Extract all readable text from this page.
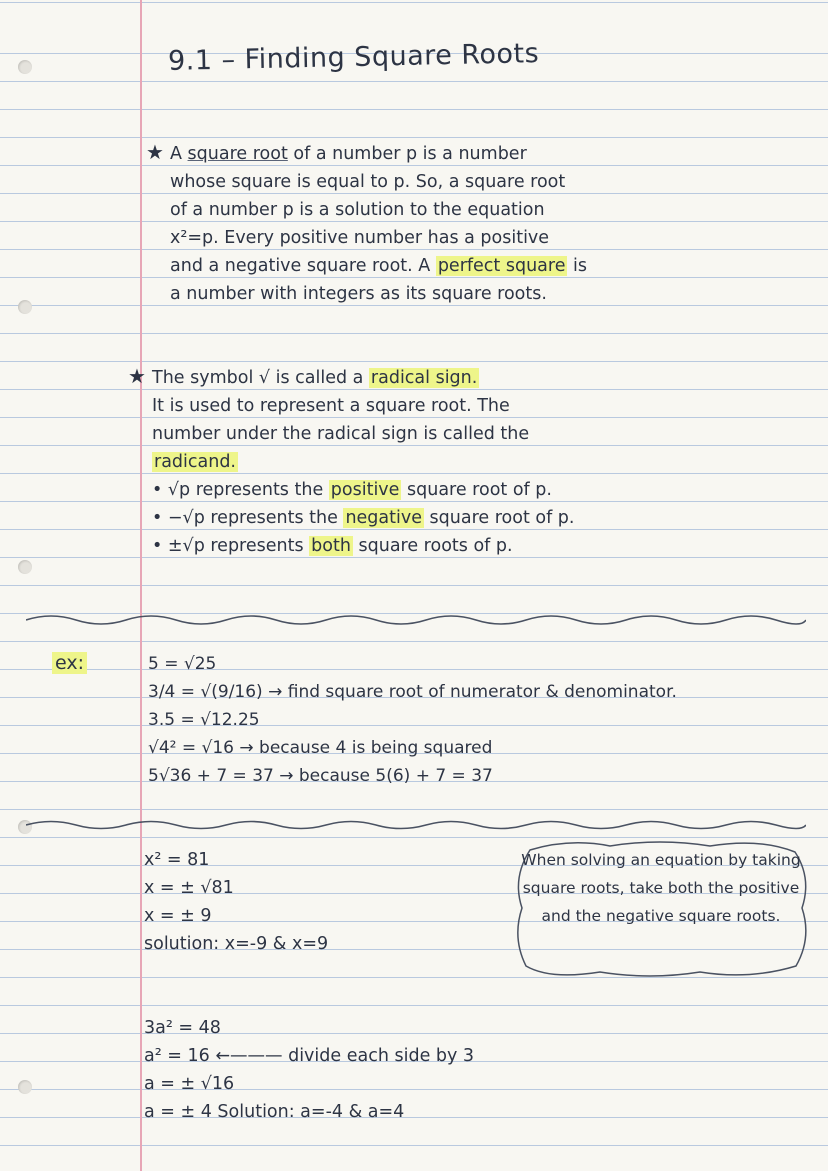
9.1 – Finding Square Roots
★ A square root of a number p is a number
whose square is equal to p. So, a square root
of a number p is a solution to the equation
x²=p. Every positive number has a positive
and a negative square root. A perfect square is
a number with integers as its square roots.
★ The symbol √ is called a radical sign.
It is used to represent a square root. The
number under the radical sign is called the
radicand.
• √p represents the positive square root of p.
• −√p represents the negative square root of p.
• ±√p represents both square roots of p.
ex:	5 = √25
3/4 = √(9/16) → find square root of numerator & denominator.
3.5 = √12.25
√4² = √16 → because 4 is being squared
5√36 + 7 = 37 → because 5(6) + 7 = 37
x² = 81
x = ± √81
x = ± 9
solution: x=-9 & x=9
When solving an equation by taking square roots, take both the positive and the negative square roots.
3a² = 48
a² = 16 ←——— divide each side by 3
a = ± √16
a = ± 4 Solution: a=-4 & a=4
